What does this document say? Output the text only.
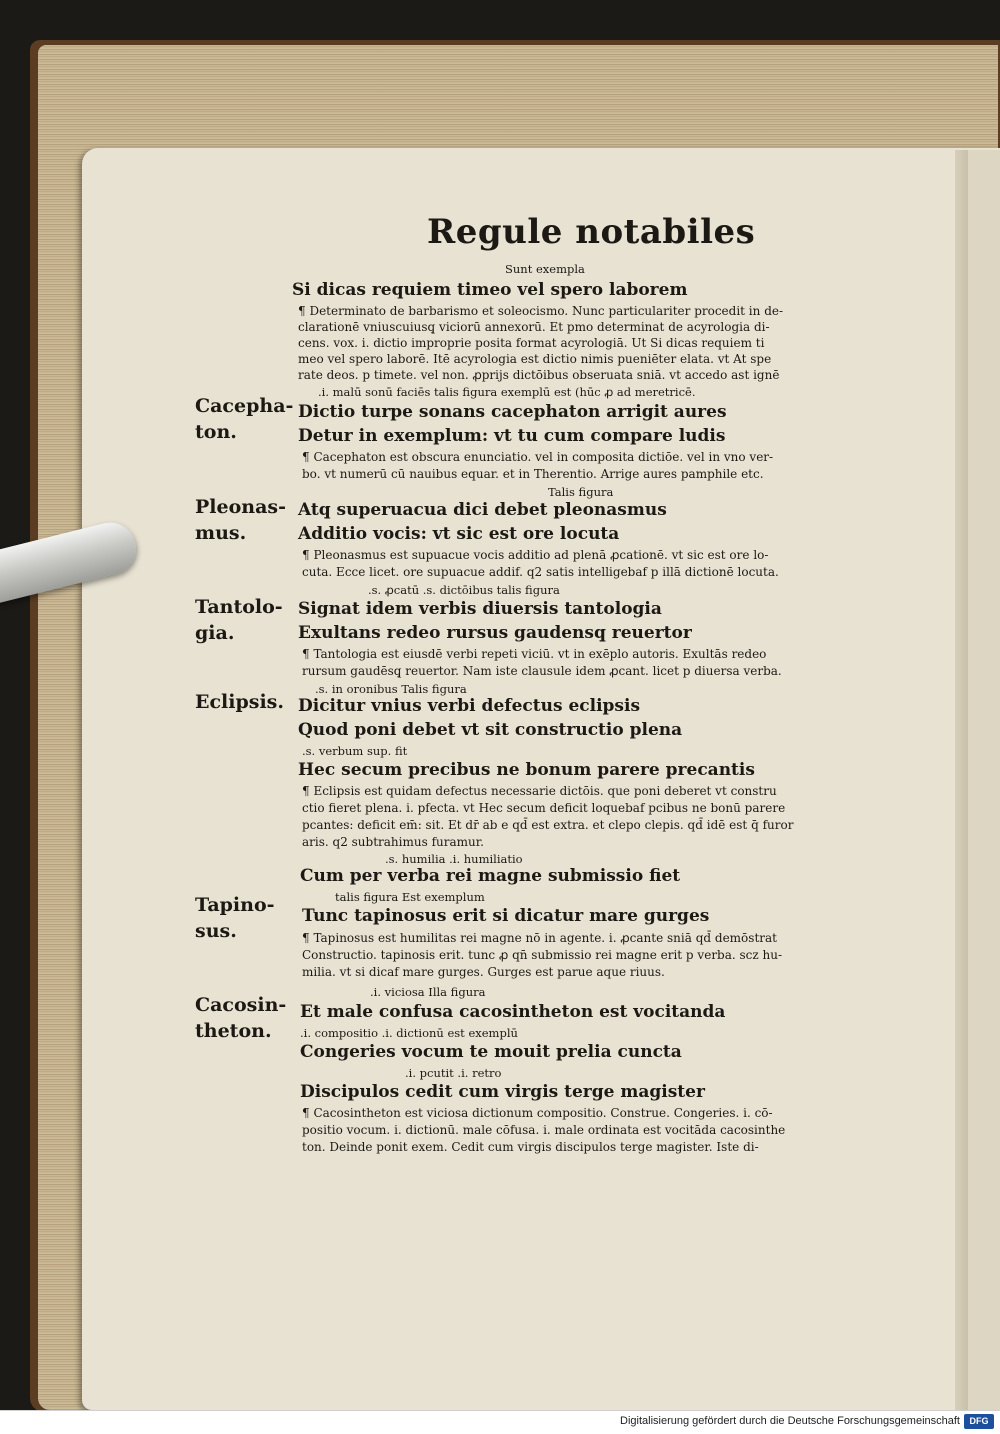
Regule notabiles

Cacepha-

ton.

Pleonas-

mus.

Tantolo-

gia.

Eclipsis.

Tapino-

sus.

Cacosin-

theton.

Sunt exempla

Si dicas requiem timeo vel spero laborem

¶ Determinato de barbarismo et soleocismo. Nunc particulariter procedit in de-

clarationē vniuscuiusq̧ viciorū annexorū. Et pmo determinat de acyrologia di-

cens. vox. i. dictio improprie posita format acyrologiā. Ut Si dicas requiem ti

meo vel spero laborē. Itē acyrologia est dictio nimis pueniēter elata. vt At spe

rate deos. p timete. vel non. ꝓprijs dictōibus obseruata sniā. vt accedo ast ignē

.i. malū sonū faciēs talis figura exemplū est (hūc ꝓ ad meretricē.

Dictio turpe sonans cacephaton arrigit aures

Detur in exemplum: vt tu cum compare ludis

¶ Cacephaton est obscura enunciatio. vel in composita dictiōe. vel in vno ver-

bo. vt numerū cū nauibus equar. et in Therentio. Arrige aures pamphile etc.

Talis figura

Atq̧ superuacua dici debet pleonasmus

Additio vocis: vt sic est ore locuta

¶ Pleonasmus est supuacue vocis additio ad plenā ꝓcationē. vt sic est ore lo-

cuta. Ecce licet. ore supuacue addif. q2 satis intelligebaf p illā dictionē locuta.

.s. ꝓcatū .s. dictōibus talis figura

Signat idem verbis diuersis tantologia

Exultans redeo rursus gaudensq̧ reuertor

¶ Tantologia est eiusdē verbi repeti viciū. vt in exēplo autoris. Exultās redeo

rursum gaudēsq̧ reuertor. Nam iste clausule idem ꝓcant. licet p diuersa verba.

.s. in oronibus Talis figura

Dicitur vnius verbi defectus eclipsis

Quod poni debet vt sit constructio plena

.s. verbum sup. fit

Hec secum precibus ne bonum parere precantis

¶ Eclipsis est quidam defectus necessarie dictōis. que poni deberet vt constru

ctio fieret plena. i. pfecta. vt Hec secum deficit loquebaf pcibus ne bonū parere

pcantes: deficit em̄: sit. Et dr̄ ab e qd̄ est extra. et clepo clepis. qd̄ idē est q̄ furor

aris. q2 subtrahimus furamur.

.s. humilia .i. humiliatio

Cum per verba rei magne submissio fiet

talis figura Est exemplum

Tunc tapinosus erit si dicatur mare gurges

¶ Tapinosus est humilitas rei magne nō in agente. i. ꝓcante sniā qd̄ demōstrat

Constructio. tapinosis erit. tunc ꝓ qn̄ submissio rei magne erit p verba. scz hu-

milia. vt si dicaf mare gurges. Gurges est parue aque riuus.

.i. viciosa Illa figura

Et male confusa cacosintheton est vocitanda

.i. compositio .i. dictionū est exemplū

Congeries vocum te mouit prelia cuncta

.i. pcutit .i. retro

Discipulos cedit cum virgis terge magister

¶ Cacosintheton est viciosa dictionum compositio. Construe. Congeries. i. cō-

positio vocum. i. dictionū. male cōfusa. i. male ordinata est vocitāda cacosinthe

ton. Deinde ponit exem. Cedit cum virgis discipulos terge magister. Iste di-

Digitalisierung gefördert durch die Deutsche Forschungsgemeinschaft	DFG
